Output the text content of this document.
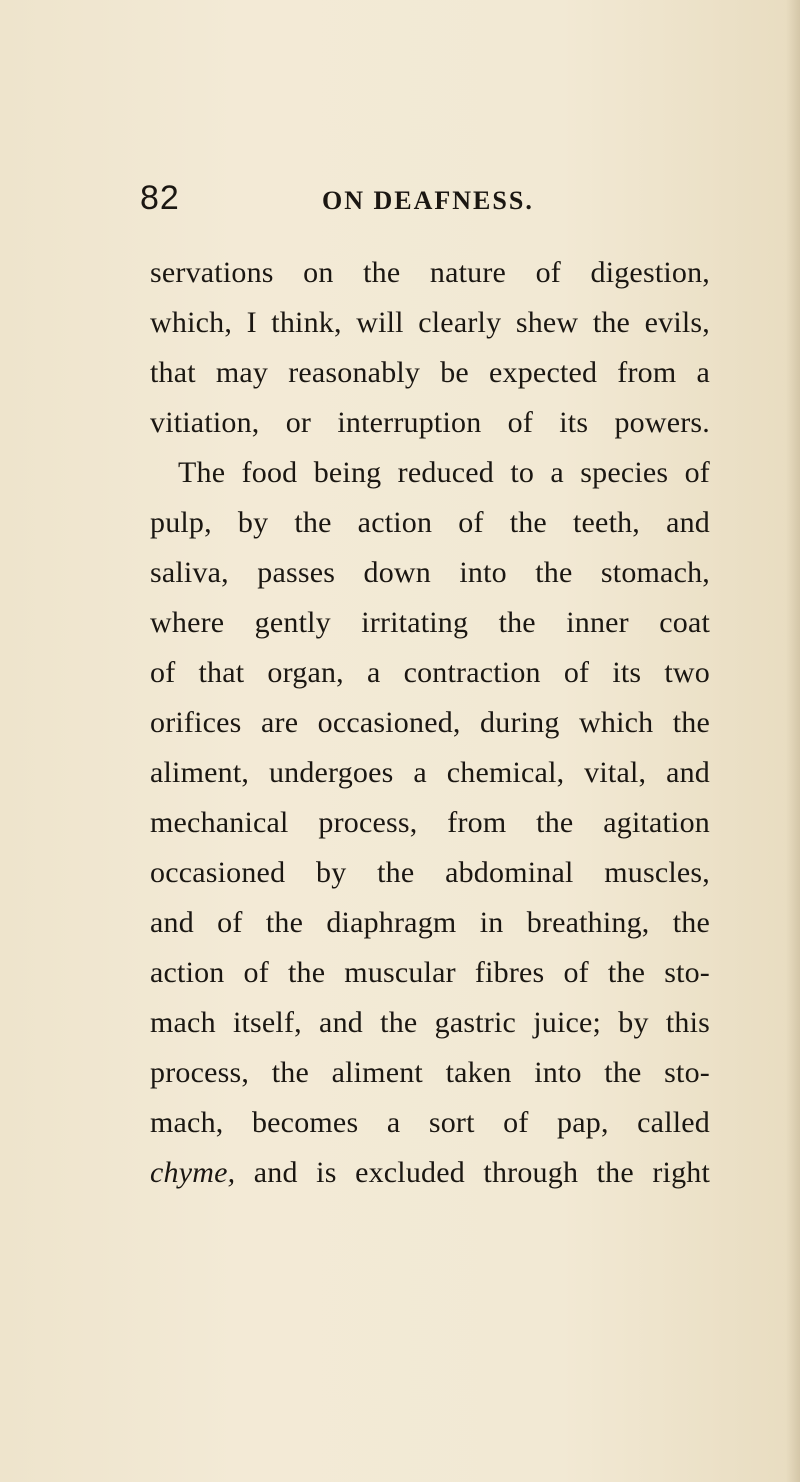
82	ON DEAFNESS.
servations on the nature of digestion,
which, I think, will clearly shew the evils,
that may reasonably be expected from a
vitiation, or interruption of its powers.
The food being reduced to a species of
pulp, by the action of the teeth, and
saliva, passes down into the stomach,
where gently irritating the inner coat
of that organ, a contraction of its two
orifices are occasioned, during which the
aliment, undergoes a chemical, vital, and
mechanical process, from the agitation
occasioned by the abdominal muscles,
and of the diaphragm in breathing, the
action of the muscular fibres of the sto-
mach itself, and the gastric juice; by this
process, the aliment taken into the sto-
mach, becomes a sort of pap, called
chyme, and is excluded through the right
